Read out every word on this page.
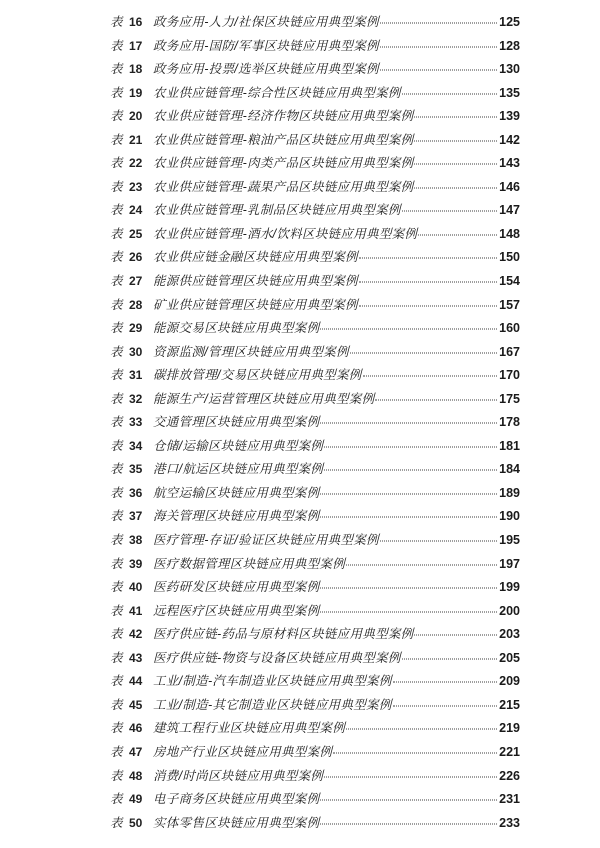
表 16 政务应用-人力/社保区块链应用典型案例	125
表 17 政务应用-国防/军事区块链应用典型案例	128
表 18 政务应用-投票/选举区块链应用典型案例	130
表 19 农业供应链管理-综合性区块链应用典型案例	135
表 20 农业供应链管理-经济作物区块链应用典型案例	139
表 21 农业供应链管理-粮油产品区块链应用典型案例	142
表 22 农业供应链管理-肉类产品区块链应用典型案例	143
表 23 农业供应链管理-蔬果产品区块链应用典型案例	146
表 24 农业供应链管理-乳制品区块链应用典型案例	147
表 25 农业供应链管理-酒水/饮料区块链应用典型案例	148
表 26 农业供应链金融区块链应用典型案例	150
表 27 能源供应链管理区块链应用典型案例	154
表 28 矿业供应链管理区块链应用典型案例	157
表 29 能源交易区块链应用典型案例	160
表 30 资源监测/管理区块链应用典型案例	167
表 31 碳排放管理/交易区块链应用典型案例	170
表 32 能源生产/运营管理区块链应用典型案例	175
表 33 交通管理区块链应用典型案例	178
表 34 仓储/运输区块链应用典型案例	181
表 35 港口/航运区块链应用典型案例	184
表 36 航空运输区块链应用典型案例	189
表 37 海关管理区块链应用典型案例	190
表 38 医疗管理-存证/验证区块链应用典型案例	195
表 39 医疗数据管理区块链应用典型案例	197
表 40 医药研发区块链应用典型案例	199
表 41 远程医疗区块链应用典型案例	200
表 42 医疗供应链-药品与原材料区块链应用典型案例	203
表 43 医疗供应链-物资与设备区块链应用典型案例	205
表 44 工业/制造-汽车制造业区块链应用典型案例	209
表 45 工业/制造-其它制造业区块链应用典型案例	215
表 46 建筑工程行业区块链应用典型案例	219
表 47 房地产行业区块链应用典型案例	221
表 48 消费/时尚区块链应用典型案例	226
表 49 电子商务区块链应用典型案例	231
表 50 实体零售区块链应用典型案例	233
